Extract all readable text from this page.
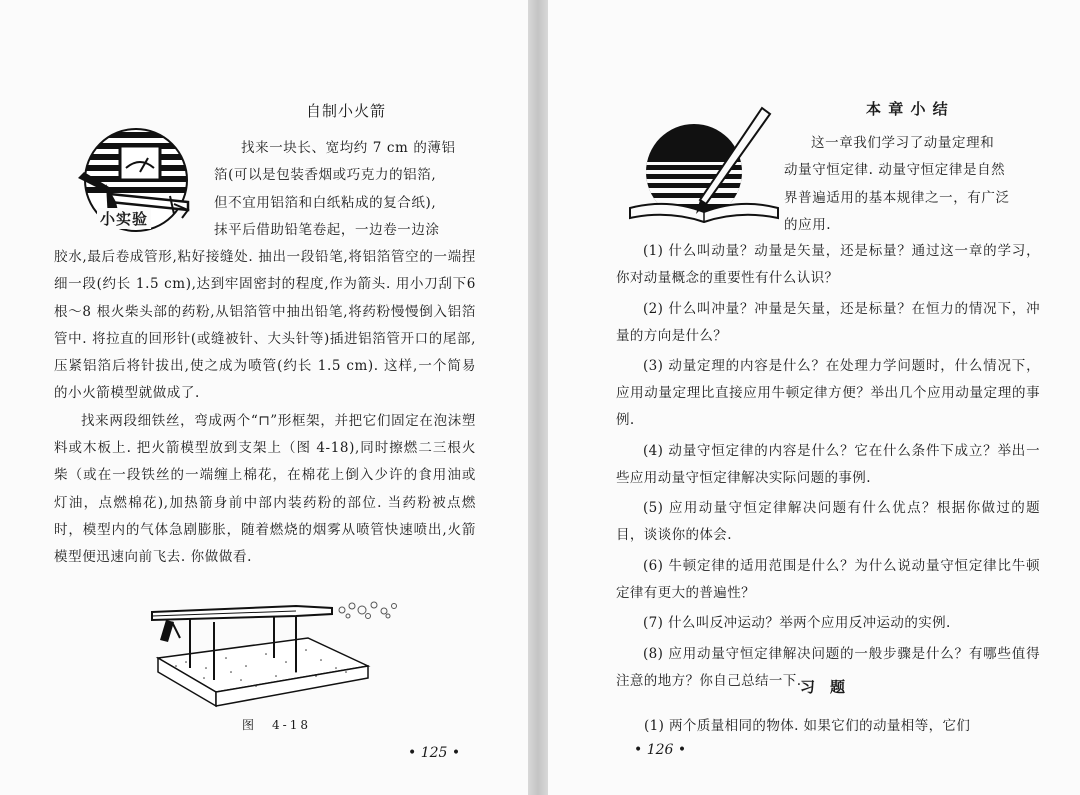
自制小火箭
小实验

找来一块长、宽均约 7 cm 的薄铝

箔(可以是包装香烟或巧克力的铝箔,

但不宜用铝箔和白纸粘成的复合纸),

抹平后借助铅笔卷起，一边卷一边涂

胶水,最后卷成管形,粘好接缝处. 抽出一段铅笔,将铝箔管空的一端捏细一段(约长 1.5 cm),达到牢固密封的程度,作为箭头. 用小刀刮下6 根～8 根火柴头部的药粉,从铝箔管中抽出铅笔,将药粉慢慢倒入铝箔管中. 将拉直的回形针(或缝被针、大头针等)插进铝箔管开口的尾部,压紧铝箔后将针拔出,使之成为喷管(约长 1.5 cm). 这样,一个简易的小火箭模型就做成了.

找来两段细铁丝，弯成两个“⊓”形框架，并把它们固定在泡沫塑料或木板上. 把火箭模型放到支架上（图 4-18),同时擦燃二三根火柴（或在一段铁丝的一端缠上棉花，在棉花上倒入少许的食用油或灯油，点燃棉花),加热箭身前中部内装药粉的部位. 当药粉被点燃时，模型内的气体急剧膨胀，随着燃烧的烟雾从喷管快速喷出,火箭模型便迅速向前飞去. 你做做看.

图　4-18
• 125 •
本 章 小 结

这一章我们学习了动量定理和

动量守恒定律. 动量守恒定律是自然

界普遍适用的基本规律之一，有广泛

的应用.

(1) 什么叫动量？动量是矢量，还是标量？通过这一章的学习，你对动量概念的重要性有什么认识？

(2) 什么叫冲量？冲量是矢量，还是标量？在恒力的情况下，冲量的方向是什么？

(3) 动量定理的内容是什么？在处理力学问题时，什么情况下，应用动量定理比直接应用牛顿定律方便？举出几个应用动量定理的事例.

(4) 动量守恒定律的内容是什么？它在什么条件下成立？举出一些应用动量守恒定律解决实际问题的事例.

(5) 应用动量守恒定律解决问题有什么优点？根据你做过的题目，谈谈你的体会.

(6) 牛顿定律的适用范围是什么？为什么说动量守恒定律比牛顿定律有更大的普遍性？

(7) 什么叫反冲运动？举两个应用反冲运动的实例.

(8) 应用动量守恒定律解决问题的一般步骤是什么？有哪些值得注意的地方？你自己总结一下.

习　题
(1) 两个质量相同的物体. 如果它们的动量相等，它们
• 126 •
